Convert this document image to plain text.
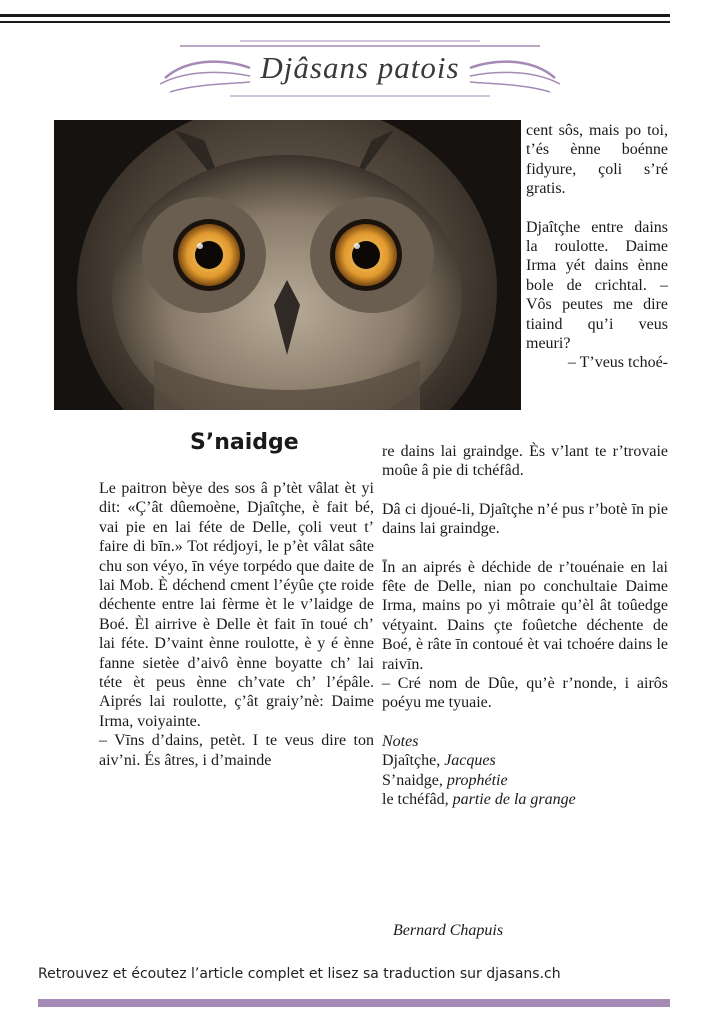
Djâsans patois

cent sôs, mais po toi, t’és ènne boénne fidyure, çoli s’ré gratis.

Djaîtçhe entre dains la roulotte. Daime Irma yét dains ènne bole de crichtal. – Vôs peutes me dire tiaind qu’i veus meuri?

– T’veus tchoé-

S’naidge

Le paitron bèye des sos â p’tèt vâlat èt yi dit: «Ç’ât dûemoène, Djaîtçhe, è fait bé, vai pie en lai féte de Delle, çoli veut t’ faire di bīn.» Tot rédjoyi, le p’èt vâlat sâte chu son véyo, īn véye torpédo que daite de lai Mob. È déchend cment l’éyûe çte roide déchente entre lai fèrme èt le v’laidge de Boé. Èl airrive è Delle èt fait īn toué ch’ lai féte. D’vaint ènne roulotte, è y é ènne fanne sietèe d’aivô ènne boyatte ch’ lai téte èt peus ènne ch’vate ch’ l’épâle. Aiprés lai roulotte, ç’ât graiy’nè: Daime Irma, voiyainte.

– Vīns d’dains, petèt. I te veus dire ton aiv’ni. És âtres, i d’mainde

re dains lai graindge. Ès v’lant te r’trovaie moûe â pie di tchéfâd.

Dâ ci djoué-li, Djaîtçhe n’é pus r’botè īn pie dains lai graindge.

Īn an aiprés è déchide de r’touénaie en lai fête de Delle, nian po conchultaie Daime Irma, mains po yi môtraie qu’èl ât toûedge vétyaint. Dains çte foûetche déchente de Boé, è râte īn contoué èt vai tchoére dains le raivīn.

– Cré nom de Dûe, qu’è r’nonde, i airôs poéyu me tyuaie.

Notes

Djaîtçhe, Jacques

S’naidge, prophétie

le tchéfâd, partie de la grange

Bernard Chapuis
Retrouvez et écoutez l’article complet et lisez sa traduction sur djasans.ch
